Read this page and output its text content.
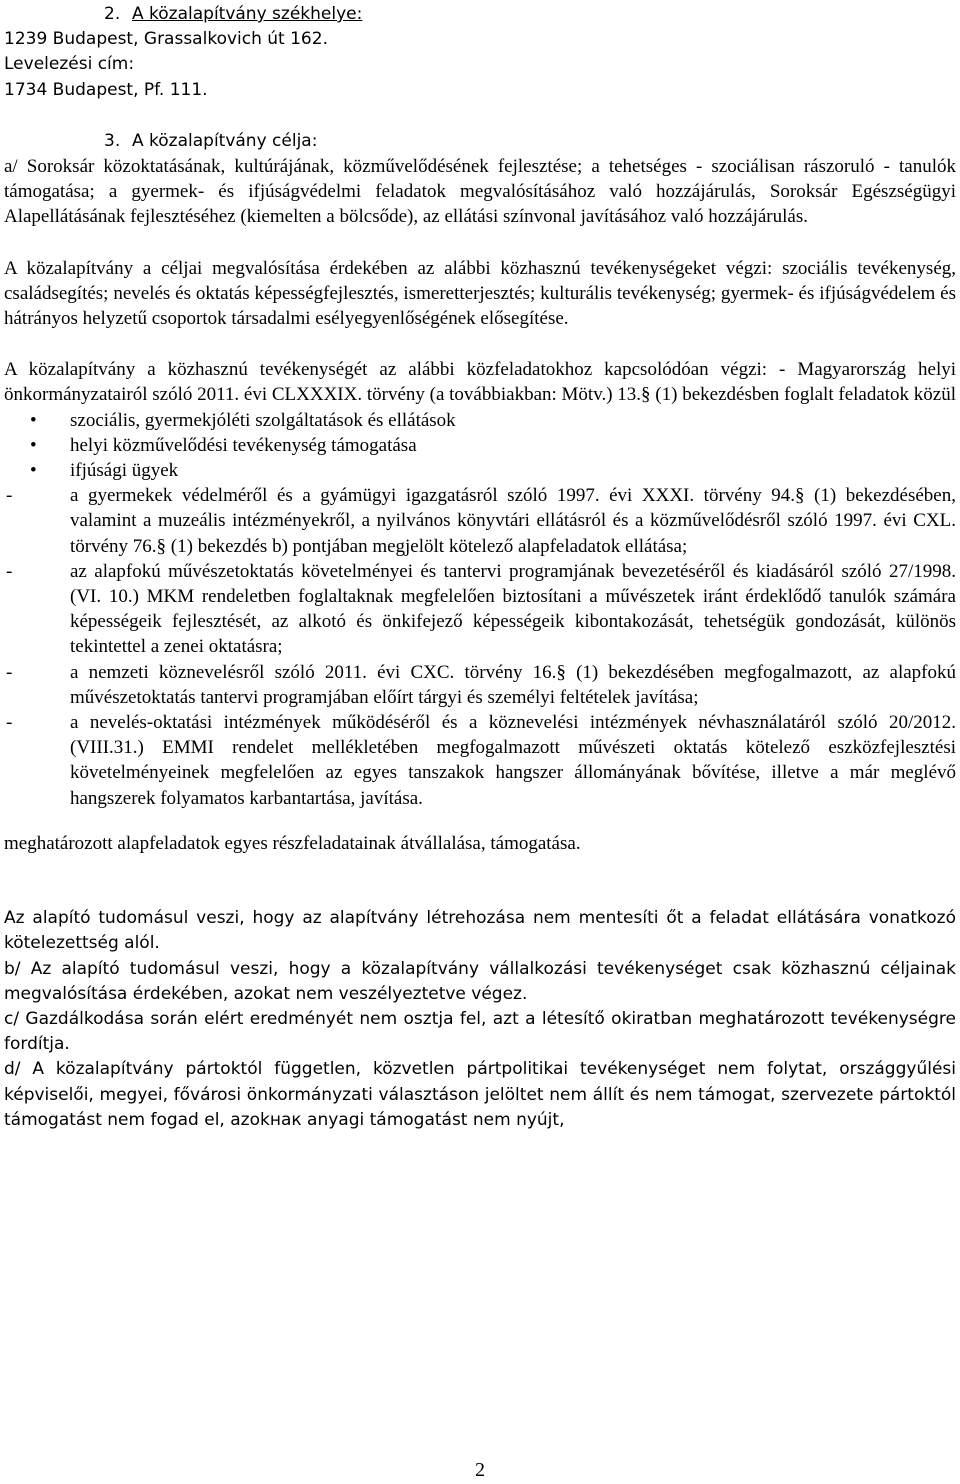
2. A közalapítvány székhelye:
1239 Budapest, Grassalkovich út 162.
Levelezési cím:
1734 Budapest, Pf. 111.
3. A közalapítvány célja:

a/ Soroksár közoktatásának, kultúrájának, közművelődésének fejlesztése; a tehetséges - szociálisan rászoruló - tanulók támogatása; a gyermek- és ifjúságvédelmi feladatok megvalósításához való hozzájárulás, Soroksár Egészségügyi Alapellátásának fejlesztéséhez (kiemelten a bölcsőde), az ellátási színvonal javításához való hozzájárulás.

A közalapítvány a céljai megvalósítása érdekében az alábbi közhasznú tevékenységeket végzi: szociális tevékenység, családsegítés; nevelés és oktatás képességfejlesztés, ismeretterjesztés; kulturális tevékenység; gyermek- és ifjúságvédelem és hátrányos helyzetű csoportok társadalmi esélyegyenlőségének elősegítése.

A közalapítvány a közhasznú tevékenységét az alábbi közfeladatokhoz kapcsolódóan végzi: - Magyarország helyi önkormányzatairól szóló 2011. évi CLXXXIX. törvény (a továbbiakban: Mötv.) 13.§ (1) bekezdésben foglalt feladatok közül

•	szociális, gyermekjóléti szolgáltatások és ellátások
•	helyi közművelődési tevékenység támogatása
•	ifjúsági ügyek
-	a gyermekek védelméről és a gyámügyi igazgatásról szóló 1997. évi XXXI. törvény 94.§ (1) bekezdésében, valamint a muzeális intézményekről, a nyilvános könyvtári ellátásról és a közművelődésről szóló 1997. évi CXL. törvény 76.§ (1) bekezdés b) pontjában megjelölt kötelező alapfeladatok ellátása;
-	az alapfokú művészetoktatás követelményei és tantervi programjának bevezetéséről és kiadásáról szóló 27/1998. (VI. 10.) MKM rendeletben foglaltaknak megfelelően biztosítani a művészetek iránt érdeklődő tanulók számára képességeik fejlesztését, az alkotó és önkifejező képességeik kibontakozását, tehetségük gondozását, különös tekintettel a zenei oktatásra;
-	a nemzeti köznevelésről szóló 2011. évi CXC. törvény 16.§ (1) bekezdésében megfogalmazott, az alapfokú művészetoktatás tantervi programjában előírt tárgyi és személyi feltételek javítása;
-	a nevelés-oktatási intézmények működéséről és a köznevelési intézmények névhasználatáról szóló 20/2012. (VIII.31.) EMMI rendelet mellékletében megfogalmazott művészeti oktatás kötelező eszközfejlesztési követelményeinek megfelelően az egyes tanszakok hangszer állományának bővítése, illetve a már meglévő hangszerek folyamatos karbantartása, javítása.

meghatározott alapfeladatok egyes részfeladatainak átvállalása, támogatása.

Az alapító tudomásul veszi, hogy az alapítvány létrehozása nem mentesíti őt a feladat ellátására vonatkozó kötelezettség alól.

b/ Az alapító tudomásul veszi, hogy a közalapítvány vállalkozási tevékenységet csak közhasznú céljainak megvalósítása érdekében, azokat nem veszélyeztetve végez.

c/ Gazdálkodása során elért eredményét nem osztja fel, azt a létesítő okiratban meghatározott tevékenységre fordítja.

d/ A közalapítvány pártoktól független, közvetlen pártpolitikai tevékenységet nem folytat, országgyűlési képviselői, megyei, fővárosi önkormányzati választáson jelöltet nem állít és nem támogat, szervezete pártoktól támogatást nem fogad el, azokнак anyagi támogatást nem nyújt,

2
